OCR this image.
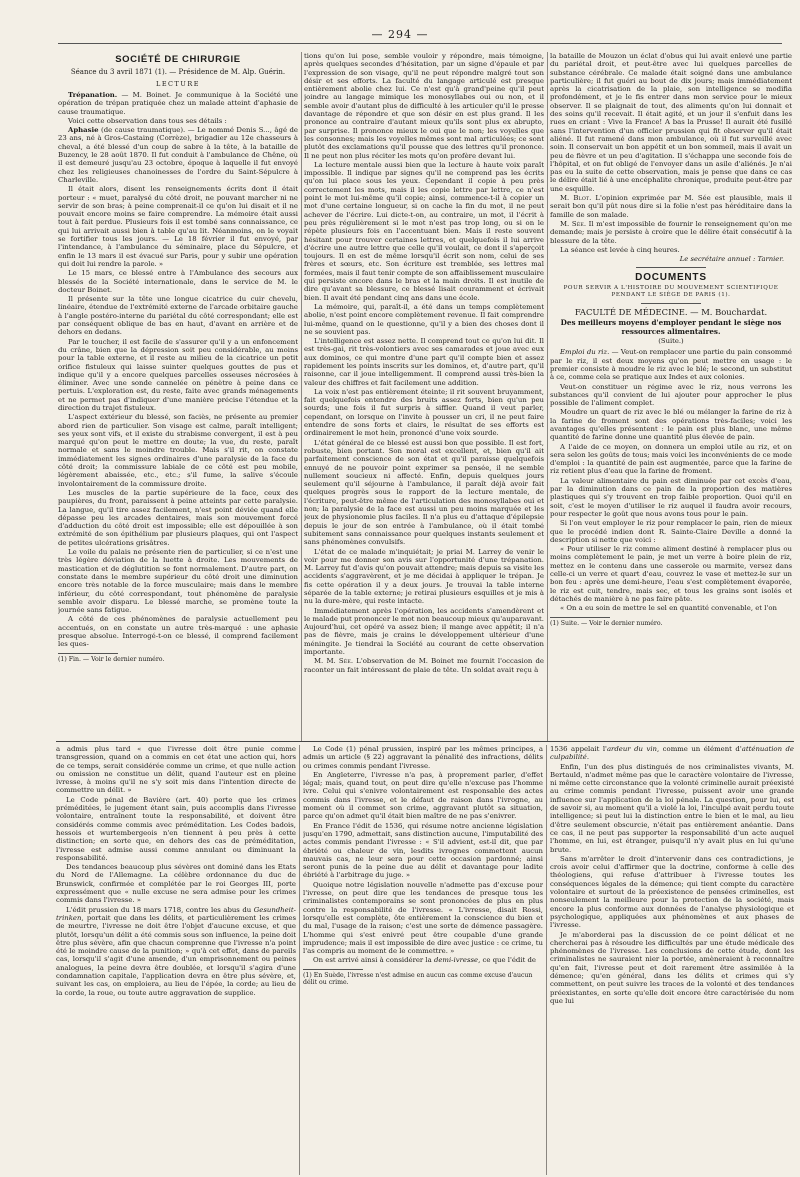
— 294 —
SOCIÉTÉ DE CHIRURGIE
Séance du 3 avril 1871 (1). — Présidence de M. Alp. Guérin.
LECTURE

Trépanation. — M. Boinet. Je communique à la Société une opération de trépan pratiquée chez un malade atteint d'aphasie de cause traumatique.

Voici cette observation dans tous ses détails :

Aphasie (de cause traumatique). — Le nommé Denis S..., âgé de 23 ans, né à Gros-Castaing (Corrèze), brigadier au 12e chasseurs à cheval, a été blessé d'un coup de sabre à la tête, à la bataille de Buzency, le 28 août 1870. Il fut conduit à l'ambulance de Chêne, où il est demeuré jusqu'au 23 octobre, époque à laquelle il fut envoyé chez les religieuses chanoinesses de l'ordre du Saint-Sépulcre à Charleville.

Il était alors, disent les renseignements écrits dont il était porteur : « muet, paralysé du côté droit, ne pouvant marcher ni ne servir de son bras; à peine comprenait-il ce qu'on lui disait et il ne pouvait encore moins se faire comprendre. La mémoire était aussi tout à fait perdue. Plusieurs fois il est tombé sans connaissance, ce qui lui arrivait aussi bien à table qu'au lit. Néanmoins, on le voyait se fortifier tous les jours. — Le 18 février il fut envoyé, par l'intendance, à l'ambulance du séminaire, place du Sépulcre, et enfin le 13 mars il est évacué sur Paris, pour y subir une opération qui doit lui rendre la parole. »

Le 15 mars, ce blessé entre à l'Ambulance des secours aux blessés de la Société internationale, dans le service de M. le docteur Boinet.

Il présente sur la tête une longue cicatrice du cuir chevelu, linéaire, étendue de l'extrémité externe de l'arcade orbitaire gauche à l'angle postéro-interne du pariétal du côté correspondant; elle est par conséquent oblique de bas en haut, d'avant en arrière et de dehors en dedans.

Par le toucher, il est facile de s'assurer qu'il y a un enfoncement du crâne, bien que la dépression soit peu considérable, au moins pour la table externe, et il reste au milieu de la cicatrice un petit orifice fistuleux qui laisse suinter quelques gouttes de pus et indique qu'il y a encore quelques parcelles osseuses nécrosées à éliminer. Avec une sonde cannelée on pénètre à peine dans ce pertuis. L'exploration est, du reste, faite avec grands ménagements et ne permet pas d'indiquer d'une manière précise l'étendue et la direction du trajet fistuleux.

L'aspect extérieur du blessé, son faciès, ne présente au premier abord rien de particulier. Son visage est calme, paraît intelligent; ses yeux sont vifs, et il existe du strabisme convergent, il est à peu marqué qu'on peut le mettre en doute; la vue, du reste, paraît normale et sans le moindre trouble. Mais s'il rit, on constate immédiatement les signes ordinaires d'une paralysie de la face du côté droit; la commissure labiale de ce côté est peu mobile, légèrement abaissée, etc., etc.; s'il fume, la salive s'écoule involontairement de la commissure droite.

Les muscles de la partie supérieure de la face, ceux des paupières, du front, paraissent à peine atteints par cette paralysie. La langue, qu'il tire assez facilement, n'est point déviée quand elle dépasse peu les arcades dentaires, mais son mouvement forcé d'adduction du côté droit est impossible; elle est dépouillée à son extrémité de son épithélium par plusieurs plaques, qui ont l'aspect de petites ulcérations grisâtres.

Le voile du palais ne présente rien de particulier, si ce n'est une très légère déviation de la luette à droite. Les mouvements de mastication et de déglutition se font normalement. D'autre part, on constate dans le membre supérieur du côté droit une diminution encore très notable de la force musculaire; mais dans le membre inférieur, du côté correspondant, tout phénomène de paralysie semble avoir disparu. Le blessé marche, se promène toute la journée sans fatigue.

A côté de ces phénomènes de paralysie actuellement peu accentués, on en constate un autre très-marqué : une aphasie presque absolue. Interrogé-t-on ce blessé, il comprend facilement les ques-

(1) Fin. — Voir le dernier numéro.

tions qu'on lui pose, semble vouloir y répondre, mais témoigne, après quelques secondes d'hésitation, par un signe d'épaule et par l'expression de son visage, qu'il ne peut répondre malgré tout son désir et ses efforts. La faculté du langage articulé est presque entièrement abolie chez lui. Ce n'est qu'à grand'peine qu'il peut joindre au langage mimique les monosyllabes oui ou non, et il semble avoir d'autant plus de difficulté à les articuler qu'il le presse davantage de répondre et que son désir en est plus grand. Il les prononce au contraire d'autant mieux qu'ils sont plus ex abrupto, par surprise. Il prononce mieux le oui que le non; les voyelles que les consonnes; mais les voyelles mêmes sont mal articulées; ce sont plutôt des exclamations qu'il pousse que des lettres qu'il prononce. Il ne peut non plus réciter les mots qu'on profère devant lui.

La lecture mentale aussi bien que la lecture à haute voix paraît impossible. Il indique par signes qu'il ne comprend pas les écrits qu'on lui place sous les yeux. Cependant il copie à peu près correctement les mots, mais il les copie lettre par lettre, ce n'est point le mot lui-même qu'il copie; ainsi, commence-t-il à copier un mot d'une certaine longueur, si on cache la fin du mot, il ne peut achever de l'écrire. Lui dicte-t-on, au contraire, un mot, il l'écrit à peu près régulièrement si le mot n'est pas trop long, ou si on le répète plusieurs fois en l'accentuant bien. Mais il reste souvent hésitant pour trouver certaines lettres, et quelquefois il lui arrive d'écrire une autre lettre que celle qu'il voulait, ce dont il s'aperçoit toujours. Il en est de même lorsqu'il écrit son nom, celui de ses frères et sœurs, etc. Son écriture est tremblée, ses lettres mal formées, mais il faut tenir compte de son affaiblissement musculaire qui persiste encore dans le bras et la main droits. Il est inutile de dire qu'avant sa blessure, ce blessé lisait couramment et écrivait bien. Il avait été pendant cinq ans dans une école.

La mémoire, qui, paraît-il, a été dans un temps complètement abolie, n'est point encore complètement revenue. Il fait comprendre lui-même, quand on le questionne, qu'il y a bien des choses dont il ne se souvient pas.

L'intelligence est assez nette. Il comprend tout ce qu'on lui dit. Il est très-gai, rit très-volontiers avec ses camarades et joue avec eux aux dominos, ce qui montre d'une part qu'il compte bien et assez rapidement les points inscrits sur les dominos, et, d'autre part, qu'il raisonne, car il joue intelligemment. Il comprend aussi très-bien la valeur des chiffres et fait facilement une addition.

La voix n'est pas entièrement éteinte; il rit souvent bruyamment, fait quelquefois entendre des bruits assez forts, bien qu'un peu sourds; une fois il fut surpris à siffler. Quand il veut parler, cependant, on lorsque on l'invite à pousser un cri, il ne peut faire entendre de sons forts et clairs, le résultat de ses efforts est ordinairement le mot hein, prononcé d'une voix sourde.

L'état général de ce blessé est aussi bon que possible. Il est fort, robuste, bien portant. Son moral est excellent, et, bien qu'il ait parfaitement conscience de son état et qu'il paraisse quelquefois ennuyé de ne pouvoir point exprimer sa pensée, il ne semble nullement soucieux ni affecté. Enfin, depuis quelques jours seulement qu'il séjourne à l'ambulance, il paraît déjà avoir fait quelques progrès sous le rapport de la lecture mentale, de l'écriture, peut-être même de l'articulation des monosyllabes oui et non; la paralysie de la face est aussi un peu moins marquée et les jeux de physionomie plus faciles. Il n'a plus eu d'attaque d'épilepsie depuis le jour de son entrée à l'ambulance, où il était tombé subitement sans connaissance pour quelques instants seulement et sans phénomènes convulsifs.

L'état de ce malade m'inquiétait; je priai M. Larrey de venir le voir pour me donner son avis sur l'opportunité d'une trépanation. M. Larrey fut d'avis qu'on pouvait attendre; mais depuis sa visite les accidents s'aggravèrent, et je me décidai à appliquer le trépan. Je fis cette opération il y a deux jours. Je trouvai la table interne séparée de la table externe; je retirai plusieurs esquilles et je mis à nu la dure-mère, qui reste intacte.

Immédiatement après l'opération, les accidents s'amendèrent et le malade put prononcer le mot non beaucoup mieux qu'auparavant. Aujourd'hui, cet opéré va assez bien; il mange avec appétit; il n'a pas de fièvre, mais je crains le développement ultérieur d'une méningite. Je tiendrai la Société au courant de cette observation importante.

M. M. Sée. L'observation de M. Boinet me fournit l'occasion de raconter un fait intéressant de plaie de tête. Un soldat avait reçu à

la bataille de Mouzon un éclat d'obus qui lui avait enlevé une partie du pariétal droit, et peut-être avec lui quelques parcelles de substance cérébrale. Ce malade était soigné dans une ambulance particulière; il fut guéri au bout de dix jours; mais immédiatement après la cicatrisation de la plaie, son intelligence se modifia profondément, et je le fis entrer dans mon service pour le mieux observer. Il se plaignait de tout, des aliments qu'on lui donnait et des soins qu'il recevait. Il était agité, et un jour il s'enfuit dans les rues en criant : Vive la France! A bas la Prusse! Il aurait été fusillé sans l'intervention d'un officier prussien qui fit observer qu'il était aliéné. Il fut ramené dans mon ambulance, où il fut surveillé avec soin. Il conservait un bon appétit et un bon sommeil, mais il avait un peu de fièvre et un peu d'agitation. Il s'échappa une seconde fois de l'hôpital, et on fut obligé de l'envoyer dans un asile d'aliénés. Je n'ai pas eu la suite de cette observation, mais je pense que dans ce cas le délire était lié à une encéphalite chronique, produite peut-être par une esquille.

M. Blot. L'opinion exprimée par M. Sée est plausible, mais il serait bon qu'il pût nous dire si la folie n'est pas héréditaire dans la famille de son malade.

M. Sée. Il m'est impossible de fournir le renseignement qu'on me demande; mais je persiste à croire que le délire était consécutif à la blessure de la tête.

La séance est levée à cinq heures.

Le secrétaire annuel : Tarnier.
DOCUMENTS
POUR SERVIR A L'HISTOIRE DU MOUVEMENT SCIENTIFIQUE
PENDANT LE SIÈGE DE PARIS (1).
FACULTÉ DE MÉDECINE. — M. Bouchardat.
Des meilleurs moyens d'employer pendant le siège nos ressources alimentaires.
(Suite.)

Emploi du riz. — Veut-on remplacer une partie du pain consommé par le riz, il est deux moyens qu'on peut mettre en usage : le premier consiste à moudre le riz avec le blé; le second, un substitut à ce, comme cela se pratique aux Indes et aux colonies.

Veut-on constituer un régime avec le riz, nous verrons les substances qu'il convient de lui ajouter pour approcher le plus possible de l'aliment complet.

Moudre un quart de riz avec le blé ou mélanger la farine de riz à la farine de froment sont des opérations très-faciles; voici les avantages qu'elles présentent : le pain est plus blanc, une même quantité de farine donne une quantité plus élevée de pain.

A l'aide de ce moyen, on donnera un emploi utile au riz, et on sera selon les goûts de tous; mais voici les inconvénients de ce mode d'emploi : la quantité de pain est augmentée, parce que la farine de riz retient plus d'eau que la farine de froment.

La valeur alimentaire du pain est diminuée par cet excès d'eau, par la diminution dans ce pain de la proportion des matières plastiques qui s'y trouvent en trop faible proportion. Quoi qu'il en soit, c'est le moyen d'utiliser le riz auquel il faudra avoir recours, pour respecter le goût que nous avons tous pour le pain.

Si l'on veut employer le riz pour remplacer le pain, rien de mieux que le procédé indien dont R. Sainte-Claire Deville a donné la description si nette que voici :

« Pour utiliser le riz comme aliment destiné à remplacer plus ou moins complètement le pain, je met un verre à boire plein de riz, mettez en le contenu dans une casserole ou marmite, versez dans celle-ci un verre et quart d'eau, couvrez le vase et mettez-le sur un bon feu : après une demi-heure, l'eau s'est complètement évaporée, le riz est cuit, tendre, mais sec, et tous les grains sont isolés et détachés de manière à ne pas faire pâte.

« On a eu soin de mettre le sel en quantité convenable, et l'on

(1) Suite. — Voir le dernier numéro.

a admis plus tard « que l'ivresse doit être punie comme transgression, quand on a commis en cet état une action qui, hors de ce temps, serait considérée comme un crime, et que nulle action ou omission ne constitue un délit, quand l'auteur est en pleine ivresse, à moins qu'il ne s'y soit mis dans l'intention directe de commettre un délit. »

Le Code pénal de Bavière (art. 40) porte que les crimes préméditées, le jugement étant sain, puis accomplis dans l'ivresse volontaire, entraînent toute la responsabilité, et doivent être considérés comme commis avec préméditation. Les Codes badois, hessois et wurtembergeois n'en tiennent à peu près à cette distinction; en sorte que, en dehors des cas de préméditation, l'ivresse est admise aussi comme annulant ou diminuant la responsabilité.

Des tendances beaucoup plus sévères ont dominé dans les Etats du Nord de l'Allemagne. La célèbre ordonnance du duc de Brunswick, confirmée et complétée par le roi Georges III, porte expressément que « nulle excuse ne sera admise pour les crimes commis dans l'ivresse. »

L'édit prussien du 18 mars 1718, contre les abus du Gesundheit-trinken, portait que dans les délits, et particulièrement les crimes de meurtre, l'ivresse ne doit être l'objet d'aucune excuse, et que plutôt, lorsqu'un délit a été commis sous son influence, la peine doit être plus sévère, afin que chacun comprenne que l'ivresse n'a point été le moindre cause de la punition; » qu'à cet effet, dans de pareils cas, lorsqu'il s'agit d'une amende, d'un emprisonnement ou peines analogues, la peine devra être doublée, et lorsqu'il s'agira d'une condamnation capitale, l'application devra en être plus sévère, et, suivant les cas, on emploiera, au lieu de l'épée, la corde; au lieu de la corde, la roue, ou toute autre aggravation de supplice.

Le Code (1) pénal prussien, inspiré par les mêmes principes, a admis un article (§ 22) aggravant la pénalité des infractions, délits ou crimes commis pendant l'ivresse.

En Angleterre, l'ivresse n'a pas, à proprement parler, d'effet légal; mais, quand tout, on peut dire qu'elle n'excuse pas l'homme ivre. Celui qui s'enivre volontairement est responsable des actes commis dans l'ivresse, et le défaut de raison dans l'ivrogne, au moment où il commet son crime, aggravant plutôt sa situation, parce qu'on admet qu'il était bien maître de ne pas s'enivrer.

En France l'édit de 1536, qui résume notre ancienne législation jusqu'en 1790, admettait, sans distinction aucune, l'imputabilité des actes commis pendant l'ivresse : « S'il advient, est-il dit, que par ébriété ou chaleur de vin, lesdits ivrognes commettent aucun mauvais cas, ne leur sera pour cette occasion pardonné; ainsi seront punis de la peine due au délit et davantage pour ladite ébriété à l'arbitrage du juge. »

Quoique notre législation nouvelle n'admette pas d'excuse pour l'ivresse, on peut dire que les tendances de presque tous les criminalistes contemporains se sont prononcées de plus en plus contre la responsabilité de l'ivresse. « L'ivresse, disait Rossi, lorsqu'elle est complète, ôte entièrement la conscience du bien et du mal, l'usage de la raison; c'est une sorte de démence passagère. L'homme qui s'est enivré peut être coupable d'une grande imprudence; mais il est impossible de dire avec justice : ce crime, tu l'as compris au moment de le commettre. »

On est arrivé ainsi à considérer la demi-ivresse, ce que l'édit de

(1) En Suède, l'ivresse n'est admise en aucun cas comme excuse d'aucun délit ou crime.

1536 appelait l'ardeur du vin, comme un élément d'atténuation de culpabilité.

Enfin, l'un des plus distingués de nos criminalistes vivants, M. Bertauld, n'admet même pas que le caractère volontaire de l'ivresse, ni même cette circonstance que la volonté criminelle aurait préexisté au crime commis pendant l'ivresse, puissent avoir une grande influence sur l'application de la loi pénale. La question, pour lui, est de savoir si, au moment qu'il a violé la loi, l'inculpé avait perdu toute intelligence; si peut lui la distinction entre le bien et le mal, au lieu d'être seulement obscurcie, n'était pas entièrement anéantie. Dans ce cas, il ne peut pas supporter la responsabilité d'un acte auquel l'homme, en lui, est étranger, puisqu'il n'y avait plus en lui qu'une brute.

Sans m'arrêter le droit d'intervenir dans ces contradictions, je crois avoir celui d'affirmer que la doctrine, conforme à celle des théologiens, qui refuse d'attribuer à l'ivresse toutes les conséquences légales de la démence; qui tient compte du caractère volontaire et surtout de la préexistence de pensées criminelles, est nonseulement la meilleure pour la protection de la société, mais encore la plus conforme aux données de l'analyse physiologique et psychologique, appliquées aux phénomènes et aux phases de l'ivresse.

Je m'aborderai pas la discussion de ce point délicat et ne chercherai pas à résoudre les difficultés par une étude médicale des phénomènes de l'ivresse. Les conclusions de cette étude, dont les criminalistes ne sauraient nier la portée, amèneraient à reconnaître qu'en fait, l'ivresse peut et doit rarement être assimilée à la démence; qu'en général, dans les délits et crimes qui s'y commettent, on peut suivre les traces de la volonté et des tendances préexistantes, en sorte qu'elle doit encore être caractérisée du nom que lui
